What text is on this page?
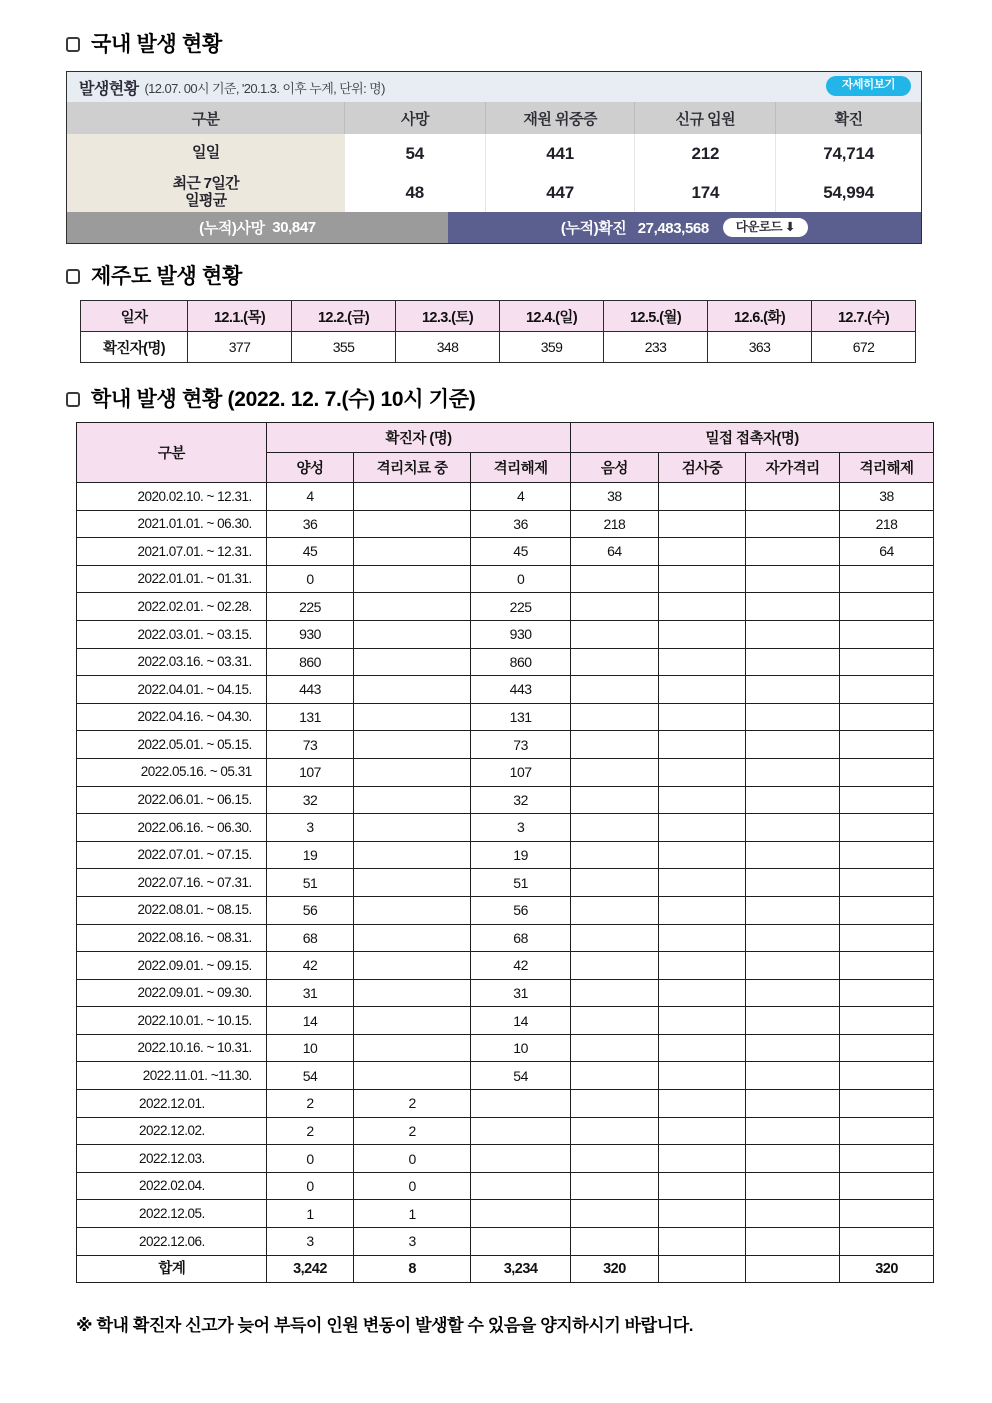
국내 발생 현황
발생현황 (12.07. 00시 기준, '20.1.3. 이후 누계, 단위: 명)	자세히보기
구분	사망	재원 위중증	신규 입원	확진
일일	54	441	212	74,714
최근 7일간
일평균	48	447	174	54,994
(누적)사망
30,847	(누적)확진 27,483,568	다운로드 ⬇
제주도 발생 현황
일자	12.1.(목)	12.2.(금)	12.3.(토)	12.4.(일)	12.5.(월)	12.6.(화)	12.7.(수)
확진자(명)	377	355	348	359	233	363	672
학내 발생 현황 (2022. 12. 7.(수) 10시 기준)
구분	확진자 (명)			밀접 접촉자(명)			
	양성	격리치료 중	격리해제	음성	검사중	자가격리	격리해제
2020.02.10. ~ 12.31.	4		4	38			38
2021.01.01. ~ 06.30.	36		36	218			218
2021.07.01. ~ 12.31.	45		45	64			64
2022.01.01. ~ 01.31.	0		0				
2022.02.01. ~ 02.28.	225		225				
2022.03.01. ~ 03.15.	930		930				
2022.03.16. ~ 03.31.	860		860				
2022.04.01. ~ 04.15.	443		443				
2022.04.16. ~ 04.30.	131		131				
2022.05.01. ~ 05.15.	73		73				
2022.05.16. ~ 05.31	107		107				
2022.06.01. ~ 06.15.	32		32				
2022.06.16. ~ 06.30.	3		3				
2022.07.01. ~ 07.15.	19		19				
2022.07.16. ~ 07.31.	51		51				
2022.08.01. ~ 08.15.	56		56				
2022.08.16. ~ 08.31.	68		68				
2022.09.01. ~ 09.15.	42		42				
2022.09.01. ~ 09.30.	31		31				
2022.10.01. ~ 10.15.	14		14				
2022.10.16. ~ 10.31.	10		10				
2022.11.01. ~11.30.	54		54				
2022.12.01.	2	2					
2022.12.02.	2	2					
2022.12.03.	0	0					
2022.02.04.	0	0					
2022.12.05.	1	1					
2022.12.06.	3	3					
합계	3,242	8	3,234	320			320
※ 학내 확진자 신고가 늦어 부득이 인원 변동이 발생할 수 있음을 양지하시기 바랍니다.
